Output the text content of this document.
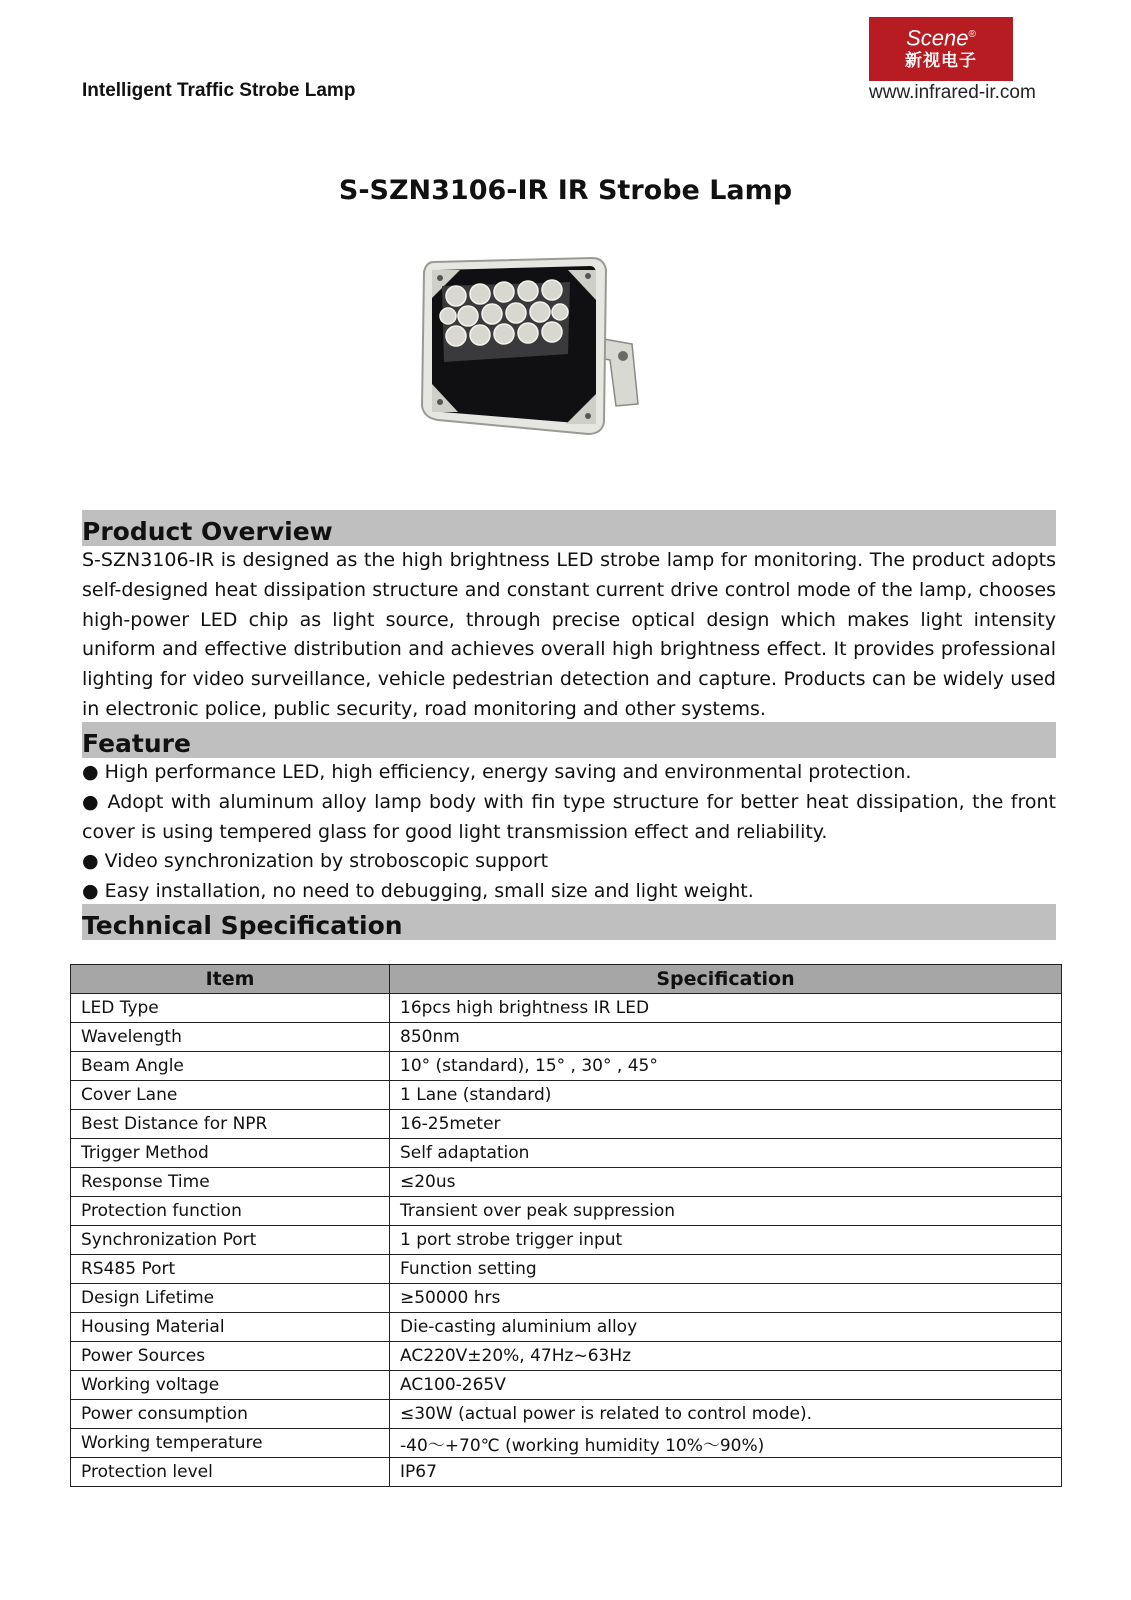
Intelligent Traffic Strobe Lamp
Scene®
新视电子
www.infrared-ir.com
S-SZN3106-IR IR Strobe Lamp
Product Overview

S-SZN3106-IR is designed as the high brightness LED strobe lamp for monitoring. The product adopts self-designed heat dissipation structure and constant current drive control mode of the lamp, chooses high-power LED chip as light source, through precise optical design which makes light intensity uniform and effective distribution and achieves overall high brightness effect. It provides professional lighting for video surveillance, vehicle pedestrian detection and capture. Products can be widely used in electronic police, public security, road monitoring and other systems.

Feature

● High performance LED, high efficiency, energy saving and environmental protection.

● Adopt with aluminum alloy lamp body with fin type structure for better heat dissipation, the front cover is using tempered glass for good light transmission effect and reliability.

● Video synchronization by stroboscopic support

● Easy installation, no need to debugging, small size and light weight.

Technical Specification
Item	Specification
LED Type	16pcs high brightness IR LED
Wavelength	850nm
Beam Angle	10° (standard), 15° , 30° , 45°
Cover Lane	1 Lane (standard)
Best Distance for NPR	16-25meter
Trigger Method	Self adaptation
Response Time	≤20us
Protection function	Transient over peak suppression
Synchronization Port	1 port strobe trigger input
RS485 Port	Function setting
Design Lifetime	≥50000 hrs
Housing Material	Die-casting aluminium alloy
Power Sources	AC220V±20%, 47Hz~63Hz
Working voltage	AC100-265V
Power consumption	≤30W (actual power is related to control mode).
Working temperature	-40～+70℃ (working humidity 10%～90%)
Protection level	IP67
